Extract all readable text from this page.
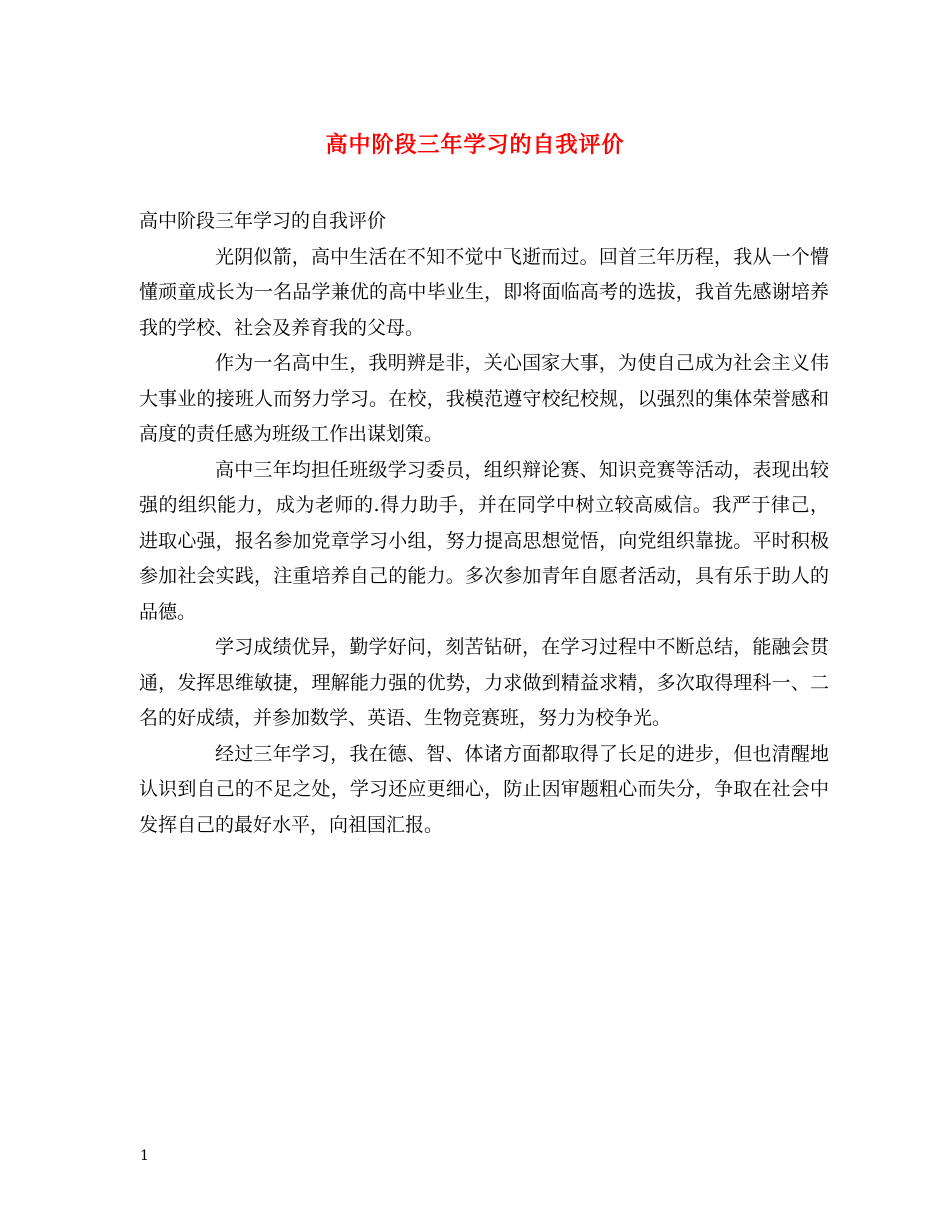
高中阶段三年学习的自我评价

高中阶段三年学习的自我评价

光阴似箭，高中生活在不知不觉中飞逝而过。回首三年历程，我从一个懵懂顽童成长为一名品学兼优的高中毕业生，即将面临高考的选拔，我首先感谢培养我的学校、社会及养育我的父母。

作为一名高中生，我明辨是非，关心国家大事，为使自己成为社会主义伟大事业的接班人而努力学习。在校，我模范遵守校纪校规，以强烈的集体荣誉感和高度的责任感为班级工作出谋划策。

高中三年均担任班级学习委员，组织辩论赛、知识竞赛等活动，表现出较强的组织能力，成为老师的.得力助手，并在同学中树立较高威信。我严于律己，进取心强，报名参加党章学习小组，努力提高思想觉悟，向党组织靠拢。平时积极参加社会实践，注重培养自己的能力。多次参加青年自愿者活动，具有乐于助人的品德。

学习成绩优异，勤学好问，刻苦钻研，在学习过程中不断总结，能融会贯通，发挥思维敏捷，理解能力强的优势，力求做到精益求精，多次取得理科一、二名的好成绩，并参加数学、英语、生物竞赛班，努力为校争光。

经过三年学习，我在德、智、体诸方面都取得了长足的进步，但也清醒地认识到自己的不足之处，学习还应更细心，防止因审题粗心而失分，争取在社会中发挥自己的最好水平，向祖国汇报。

1
